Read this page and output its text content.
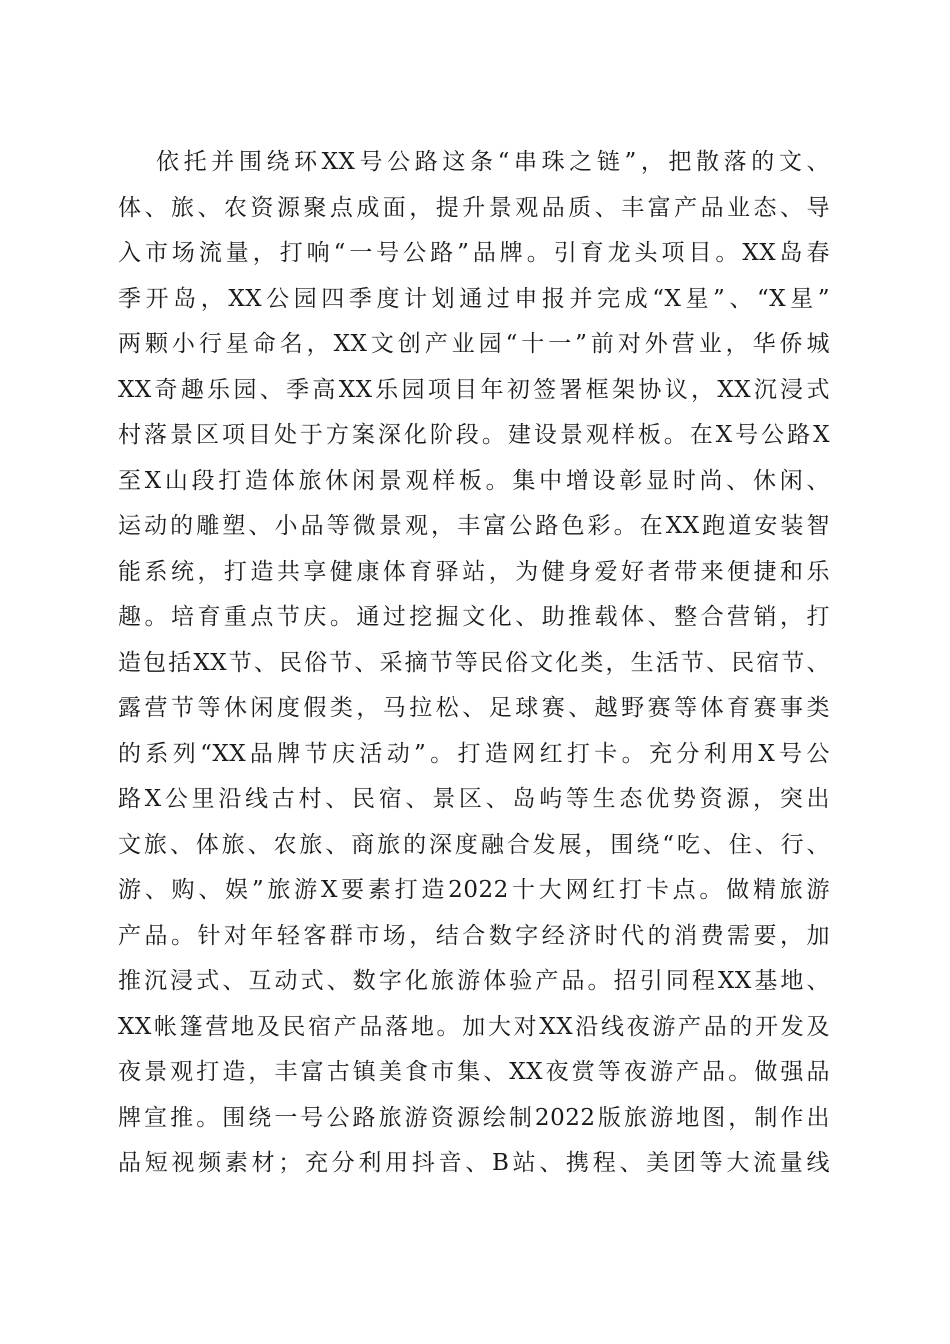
依托并围绕环XX号公路这条“串珠之链”，把散落的文、
体、旅、农资源聚点成面，提升景观品质、丰富产品业态、导
入市场流量，打响“一号公路”品牌。引育龙头项目。XX岛春
季开岛，XX公园四季度计划通过申报并完成“X星”、“X星”
两颗小行星命名，XX文创产业园“十一”前对外营业，华侨城
XX奇趣乐园、季高XX乐园项目年初签署框架协议，XX沉浸式
村落景区项目处于方案深化阶段。建设景观样板。在X号公路X
至X山段打造体旅休闲景观样板。集中增设彰显时尚、休闲、
运动的雕塑、小品等微景观，丰富公路色彩。在XX跑道安装智
能系统，打造共享健康体育驿站，为健身爱好者带来便捷和乐
趣。培育重点节庆。通过挖掘文化、助推载体、整合营销，打
造包括XX节、民俗节、采摘节等民俗文化类，生活节、民宿节、
露营节等休闲度假类，马拉松、足球赛、越野赛等体育赛事类
的系列“XX品牌节庆活动”。打造网红打卡。充分利用X号公
路X公里沿线古村、民宿、景区、岛屿等生态优势资源，突出
文旅、体旅、农旅、商旅的深度融合发展，围绕“吃、住、行、
游、购、娱”旅游X要素打造2022十大网红打卡点。做精旅游
产品。针对年轻客群市场，结合数字经济时代的消费需要，加
推沉浸式、互动式、数字化旅游体验产品。招引同程XX基地、
XX帐篷营地及民宿产品落地。加大对XX沿线夜游产品的开发及
夜景观打造，丰富古镇美食市集、XX夜赏等夜游产品。做强品
牌宣推。围绕一号公路旅游资源绘制2022版旅游地图，制作出
品短视频素材；充分利用抖音、B站、携程、美团等大流量线
